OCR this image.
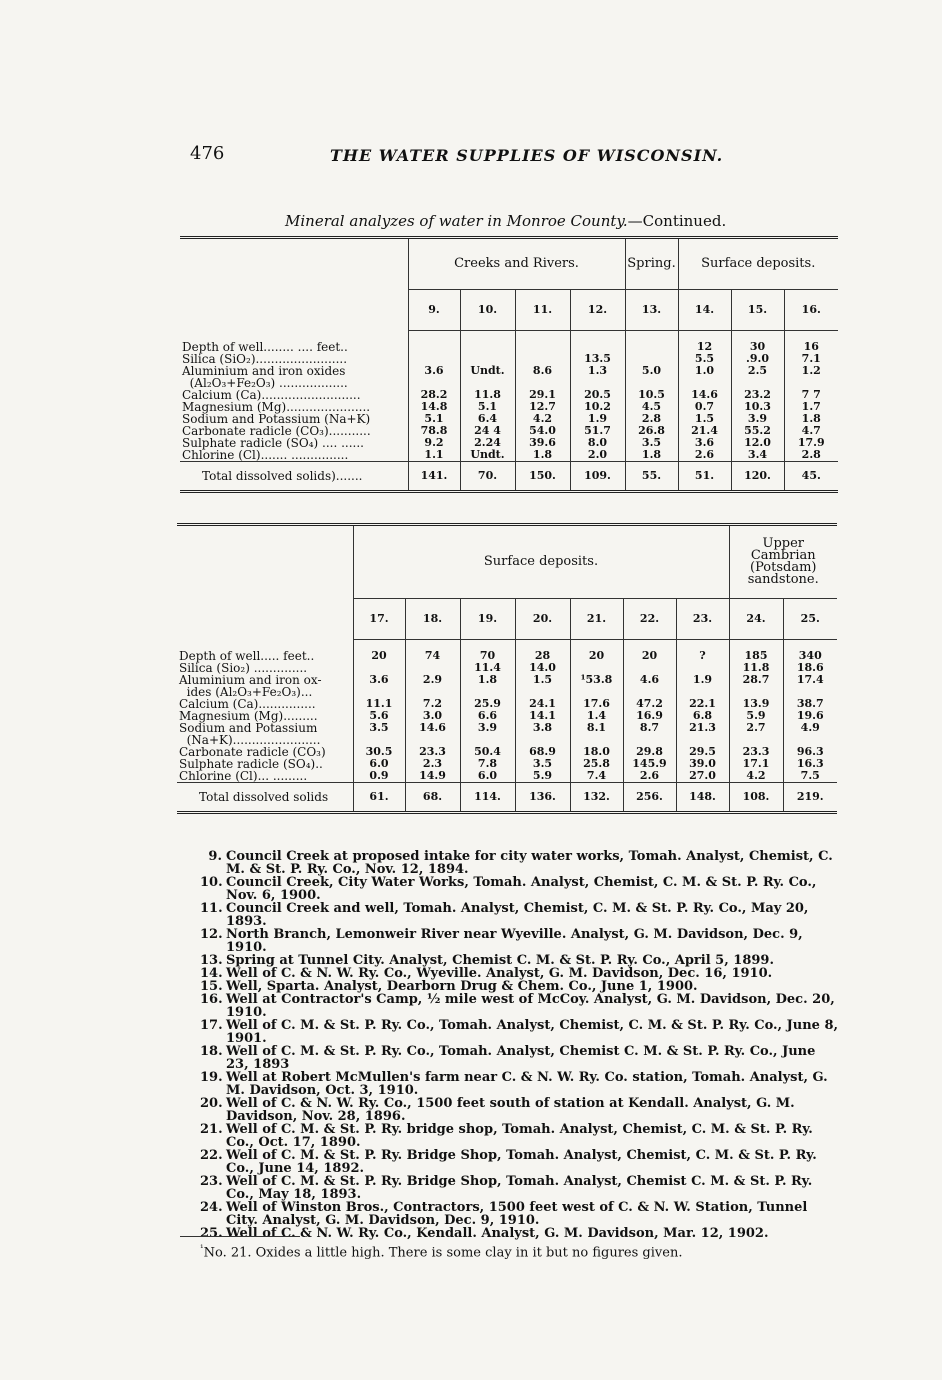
476	THE WATER SUPPLIES OF WISCONSIN.
Mineral analyzes of water in Monroe County.—Continued.
	Creeks and Rivers.				Spring.	Surface deposits.		
	9.	10.	11.	12.	13.	14.	15.	16.
Depth of well........ .... feet..						12	30	16
Silica (SiO₂)........................				13.5		5.5	.9.0	7.1
Aluminium and iron oxides
(Al₂O₃+Fe₂O₃) ..................	3.6	Undt.	8.6	1.3	5.0	1.0	2.5	1.2
Calcium (Ca)..........................	28.2	11.8	29.1	20.5	10.5	14.6	23.2	7 7
Magnesium (Mg)......................	14.8	5.1	12.7	10.2	4.5	0.7	10.3	1.7
Sodium and Potassium (Na+K)	5.1	6.4	4.2	1.9	2.8	1.5	3.9	1.8
Carbonate radicle (CO₃)...........	78.8	24 4	54.0	51.7	26.8	21.4	55.2	4.7
Sulphate radicle (SO₄) .... ......	9.2	2.24	39.6	8.0	3.5	3.6	12.0	17.9
Chlorine (Cl)....... ...............	1.1	Undt.	1.8	2.0	1.8	2.6	3.4	2.8
Total dissolved solids).......	141.	70.	150.	109.	55.	51.	120.	45.
	Surface deposits.							Upper Cambrian (Potsdam) sandstone.	
	17.	18.	19.	20.	21.	22.	23.	24.	25.
Depth of well..... feet..	20	74	70	28	20	20	?	185	340
Silica (Sio₂) ..............			11.4	14.0				11.8	18.6
Aluminium and iron ox-
ides (Al₂O₃+Fe₂O₃)...	3.6	2.9	1.8	1.5	¹53.8	4.6	1.9	28.7	17.4
Calcium (Ca)...............	11.1	7.2	25.9	24.1	17.6	47.2	22.1	13.9	38.7
Magnesium (Mg).........	5.6	3.0	6.6	14.1	1.4	16.9	6.8	5.9	19.6
Sodium and Potassium
(Na+K).......................	3.5	14.6	3.9	3.8	8.1	8.7	21.3	2.7	4.9
Carbonate radicle (CO₃)	30.5	23.3	50.4	68.9	18.0	29.8	29.5	23.3	96.3
Sulphate radicle (SO₄)..	6.0	2.3	7.8	3.5	25.8	145.9	39.0	17.1	16.3
Chlorine (Cl)... .........	0.9	14.9	6.0	5.9	7.4	2.6	27.0	4.2	7.5
Total dissolved solids	61.	68.	114.	136.	132.	256.	148.	108.	219.
9. Council Creek at proposed intake for city water works, Tomah. Analyst, Chemist, C. M. & St. P. Ry. Co., Nov. 12, 1894.
10. Council Creek, City Water Works, Tomah. Analyst, Chemist, C. M. & St. P. Ry. Co., Nov. 6, 1900.
11. Council Creek and well, Tomah. Analyst, Chemist, C. M. & St. P. Ry. Co., May 20, 1893.
12. North Branch, Lemonweir River near Wyeville. Analyst, G. M. Davidson, Dec. 9, 1910.
13. Spring at Tunnel City. Analyst, Chemist C. M. & St. P. Ry. Co., April 5, 1899.
14. Well of C. & N. W. Ry. Co., Wyeville. Analyst, G. M. Davidson, Dec. 16, 1910.
15. Well, Sparta. Analyst, Dearborn Drug & Chem. Co., June 1, 1900.
16. Well at Contractor's Camp, ½ mile west of McCoy. Analyst, G. M. Davidson, Dec. 20, 1910.
17. Well of C. M. & St. P. Ry. Co., Tomah. Analyst, Chemist, C. M. & St. P. Ry. Co., June 8, 1901.
18. Well of C. M. & St. P. Ry. Co., Tomah. Analyst, Chemist C. M. & St. P. Ry. Co., June 23, 1893
19. Well at Robert McMullen's farm near C. & N. W. Ry. Co. station, Tomah. Analyst, G. M. Davidson, Oct. 3, 1910.
20. Well of C. & N. W. Ry. Co., 1500 feet south of station at Kendall. Analyst, G. M. Davidson, Nov. 28, 1896.
21. Well of C. M. & St. P. Ry. bridge shop, Tomah. Analyst, Chemist, C. M. & St. P. Ry. Co., Oct. 17, 1890.
22. Well of C. M. & St. P. Ry. Bridge Shop, Tomah. Analyst, Chemist, C. M. & St. P. Ry. Co., June 14, 1892.
23. Well of C. M. & St. P. Ry. Bridge Shop, Tomah. Analyst, Chemist C. M. & St. P. Ry. Co., May 18, 1893.
24. Well of Winston Bros., Contractors, 1500 feet west of C. & N. W. Station, Tunnel City. Analyst, G. M. Davidson, Dec. 9, 1910.
25. Well of C. & N. W. Ry. Co., Kendall. Analyst, G. M. Davidson, Mar. 12, 1902.
$^{^1}$No. 21. Oxides a little high. There is some clay in it but no figures given.
